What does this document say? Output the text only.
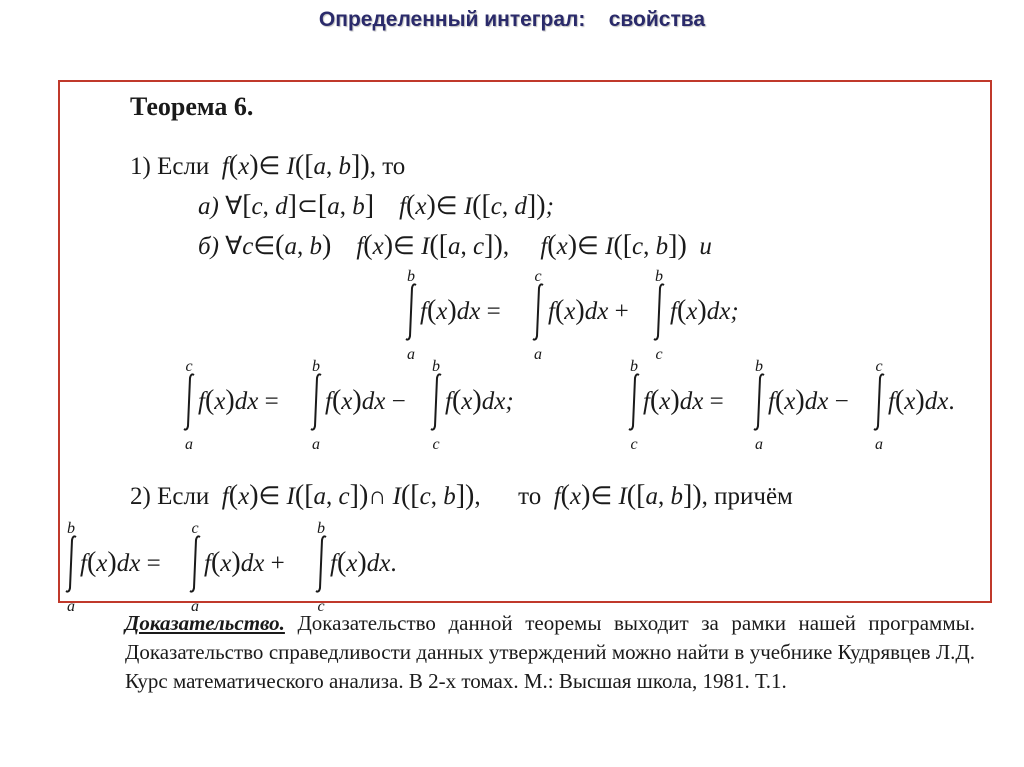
Определенный интеграл:    свойства
Теорема 6.
1) Если f(x)∈ I([a, b]), то
а) ∀[c, d]⊂[a, b] f(x)∈ I([c, d]);
б) ∀c∈(a, b) f(x)∈ I([a, c]),     f(x)∈ I([c, b]) и
b
a
f(x)dx =
c
a
f(x)dx +
b
c
f(x)dx;
c
a
f(x)dx =
b
a
f(x)dx −
b
c
f(x)dx;
b
c
f(x)dx =
b
a
f(x)dx −
c
a
f(x)dx.
2) Если f(x)∈ I([a, c])∩ I([c, b]),      то f(x)∈ I([a, b]), причём
b
a
f(x)dx =
c
a
f(x)dx +
b
c
f(x)dx.

Доказательство. Доказательство данной теоремы выходит за рамки нашей программы. Доказательство справедливости данных утверждений можно найти в учебнике Кудрявцев Л.Д. Курс математического анализа. В 2-х томах. М.: Высшая школа, 1981. Т.1.
